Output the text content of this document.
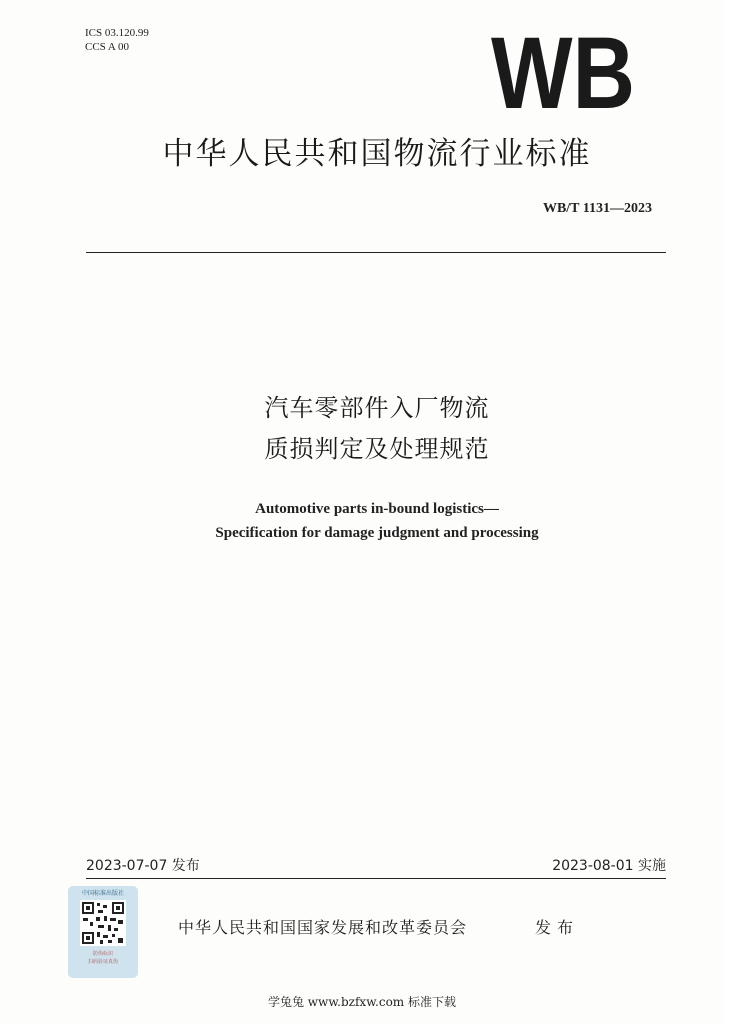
ICS 03.120.99
CCS A 00	WB
中华人民共和国物流行业标准
WB/T 1131—2023
汽车零部件入厂物流
质损判定及处理规范
Automotive parts in-bound logistics—
Specification for damage judgment and processing
2023-07-07 发布	2023-08-01 实施
中国标准出版社
防伪标识
扫码验证真伪
中华人民共和国国家发展和改革委员会	发布
学兔兔 www.bzfxw.com 标准下载
